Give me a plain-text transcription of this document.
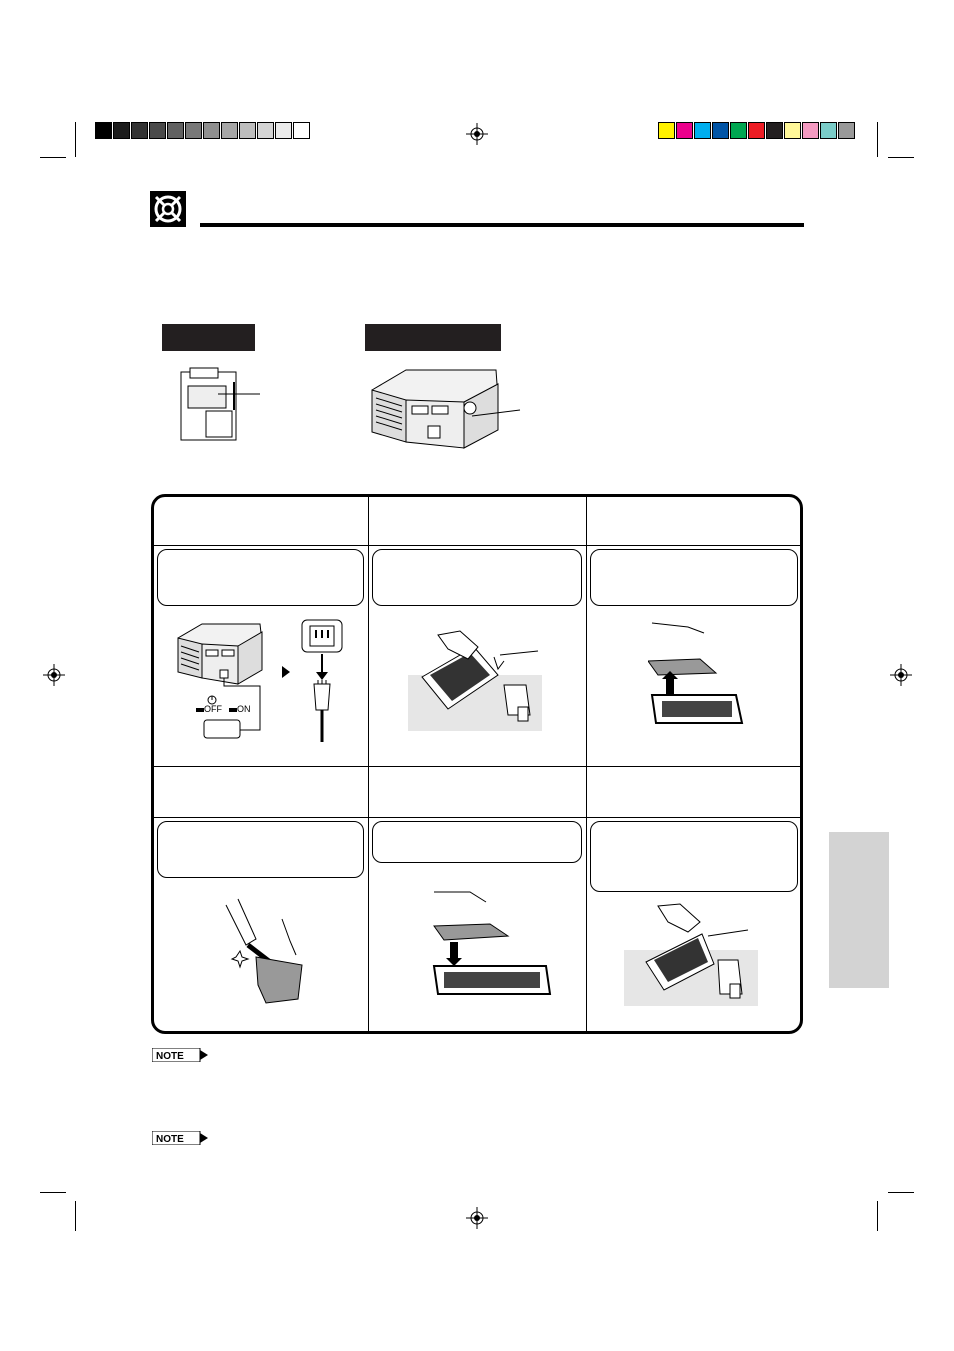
OFF ON
NOTE
NOTE
